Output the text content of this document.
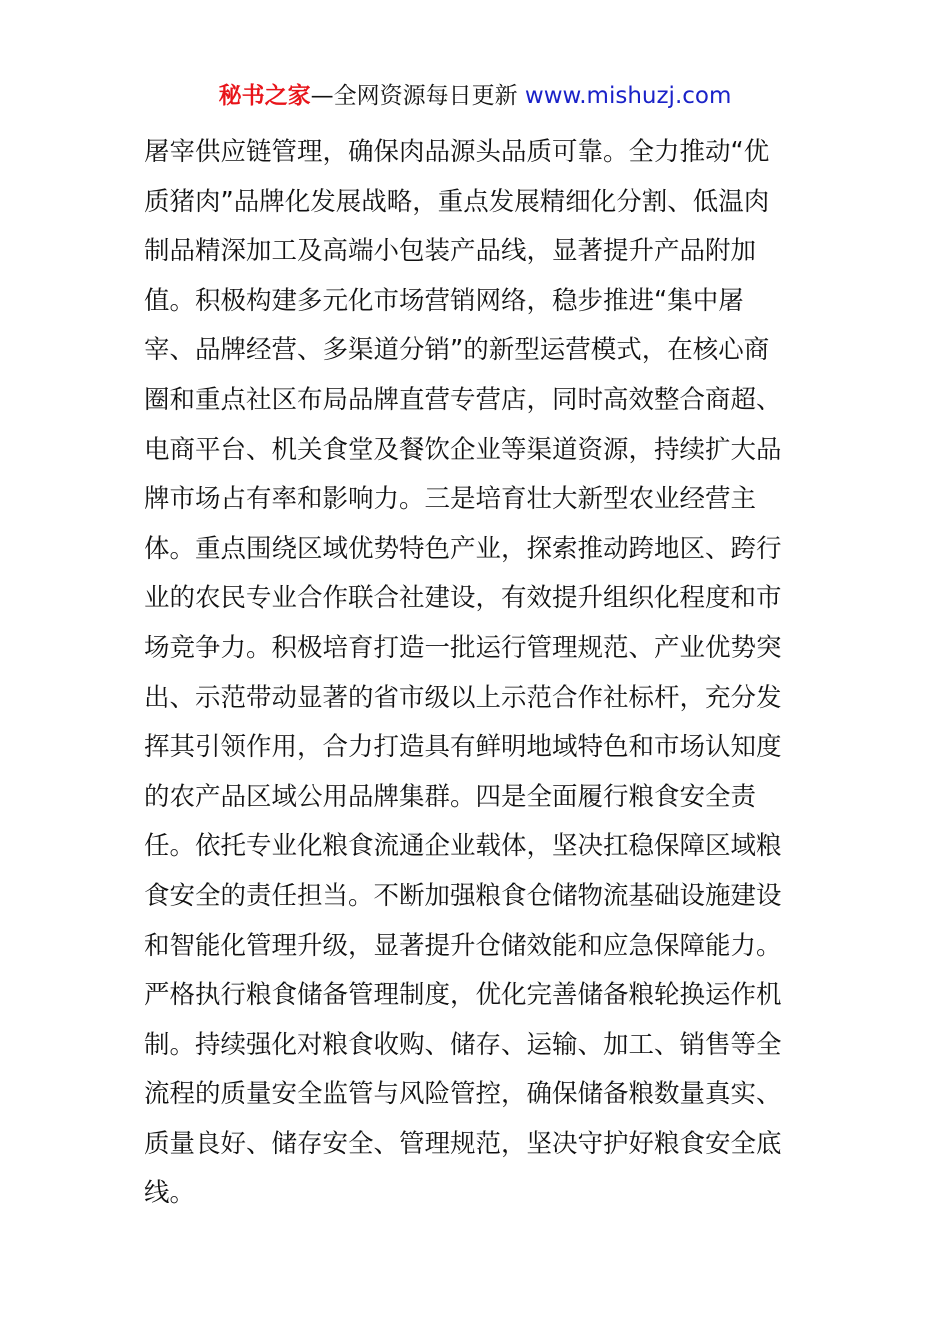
秘书之家—全网资源每日更新 www.mishuzj.com
屠宰供应链管理，确保肉品源头品质可靠。全力推动“优
质猪肉”品牌化发展战略，重点发展精细化分割、低温肉
制品精深加工及高端小包装产品线，显著提升产品附加
值。积极构建多元化市场营销网络，稳步推进“集中屠
宰、品牌经营、多渠道分销”的新型运营模式，在核心商
圈和重点社区布局品牌直营专营店，同时高效整合商超、
电商平台、机关食堂及餐饮企业等渠道资源，持续扩大品
牌市场占有率和影响力。三是培育壮大新型农业经营主
体。重点围绕区域优势特色产业，探索推动跨地区、跨行
业的农民专业合作联合社建设，有效提升组织化程度和市
场竞争力。积极培育打造一批运行管理规范、产业优势突
出、示范带动显著的省市级以上示范合作社标杆，充分发
挥其引领作用，合力打造具有鲜明地域特色和市场认知度
的农产品区域公用品牌集群。四是全面履行粮食安全责
任。依托专业化粮食流通企业载体，坚决扛稳保障区域粮
食安全的责任担当。不断加强粮食仓储物流基础设施建设
和智能化管理升级，显著提升仓储效能和应急保障能力。
严格执行粮食储备管理制度，优化完善储备粮轮换运作机
制。持续强化对粮食收购、储存、运输、加工、销售等全
流程的质量安全监管与风险管控，确保储备粮数量真实、
质量良好、储存安全、管理规范，坚决守护好粮食安全底
线。
